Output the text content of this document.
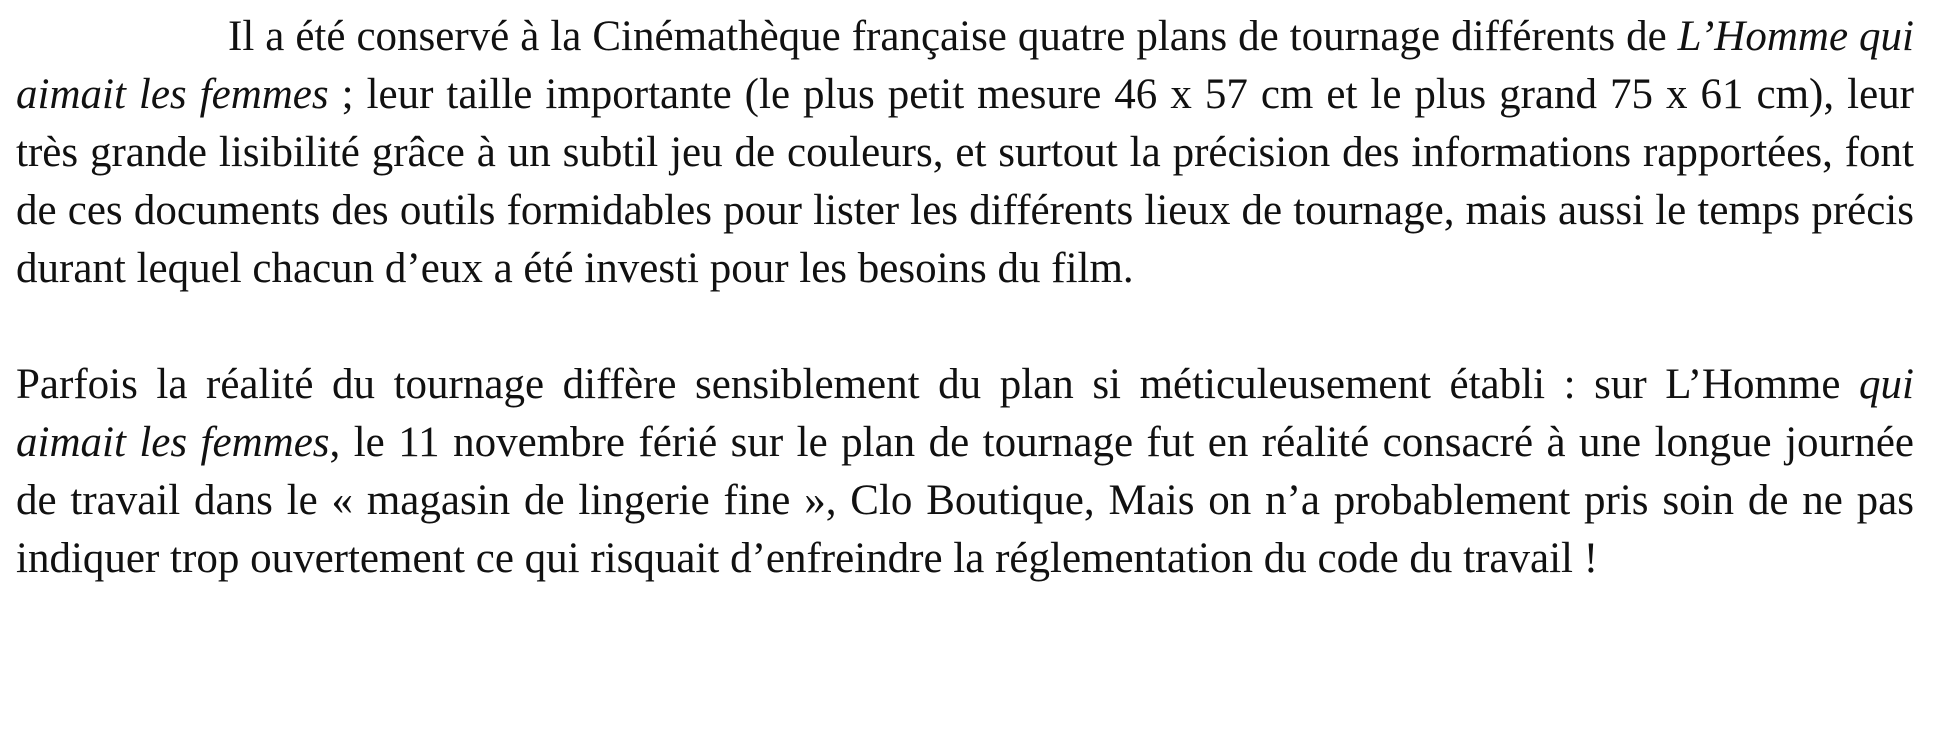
Il a été conservé à la Cinémathèque française quatre plans de tournage différents de L’Homme qui aimait les femmes ; leur taille importante (le plus petit mesure 46 x 57 cm et le plus grand 75 x 61 cm), leur très grande lisibilité grâce à un subtil jeu de couleurs, et surtout la précision des informations rapportées, font de ces documents des outils formidables pour lister les différents lieux de tournage, mais aussi le temps précis durant lequel chacun d’eux a été investi pour les besoins du film.

Parfois la réalité du tournage diffère sensiblement du plan si méticuleusement établi : sur L’Homme qui aimait les femmes, le 11 novembre férié sur le plan de tournage fut en réalité consacré à une longue journée de travail dans le « magasin de lingerie fine », Clo Boutique, Mais on n’a probablement pris soin de ne pas indiquer trop ouvertement ce qui risquait d’enfreindre la réglementation du code du travail !
